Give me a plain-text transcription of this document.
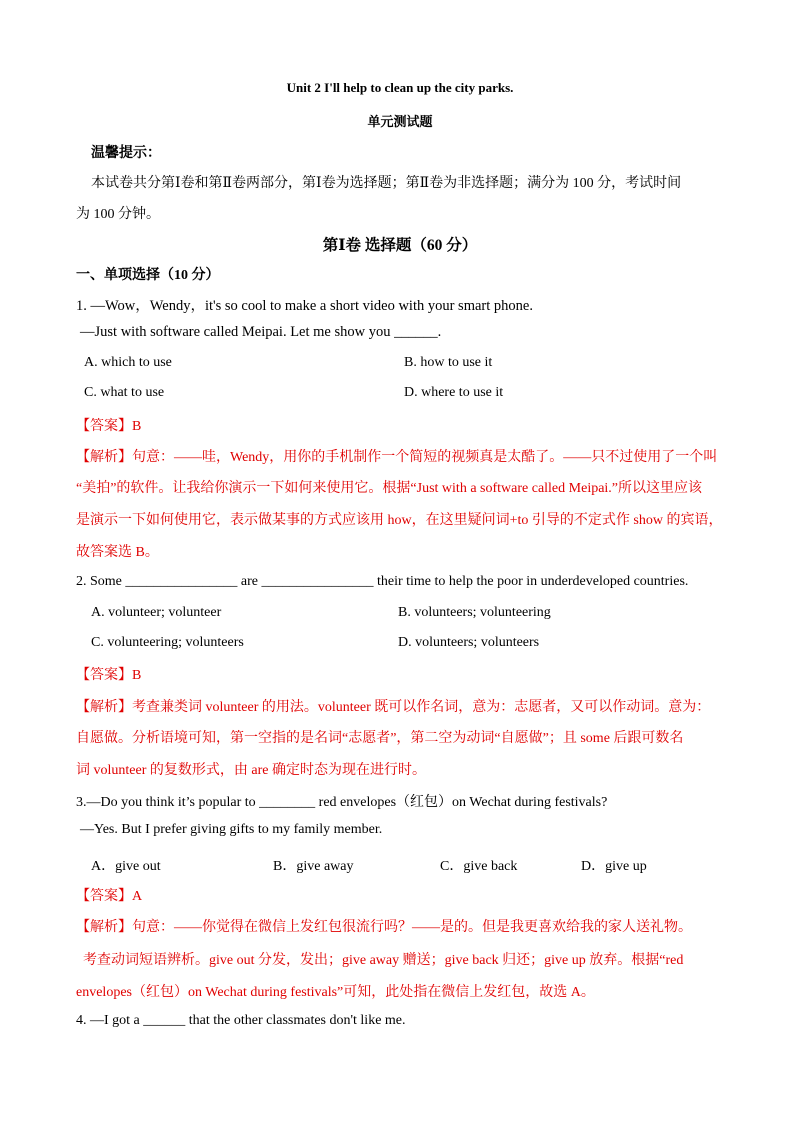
Unit 2 I'll help to clean up the city parks.
单元测试题
温馨提示：
本试卷共分第Ⅰ卷和第Ⅱ卷两部分，第Ⅰ卷为选择题；第Ⅱ卷为非选择题；满分为 100 分，考试时间
为 100 分钟。
第Ⅰ卷 选择题（60 分）
一、单项选择（10 分）
1. —Wow，Wendy，it's so cool to make a short video with your smart phone.
—Just with software called Meipai. Let me show you ______.
A. which to use	B. how to use it
C. what to use	D. where to use it
【答案】B
【解析】句意：——哇，Wendy，用你的手机制作一个简短的视频真是太酷了。——只不过使用了一个叫
“美拍”的软件。让我给你演示一下如何来使用它。根据“Just with a software called Meipai.”所以这里应该
是演示一下如何使用它，表示做某事的方式应该用 how，在这里疑问词+to 引导的不定式作 show 的宾语，
故答案选 B。
2. Some ________________ are ________________ their time to help the poor in underdeveloped countries.
A. volunteer; volunteer	B. volunteers; volunteering
C. volunteering; volunteers	D. volunteers; volunteers
【答案】B
【解析】考查兼类词 volunteer 的用法。volunteer 既可以作名词，意为：志愿者，又可以作动词。意为：
自愿做。分析语境可知，第一空指的是名词“志愿者”，第二空为动词“自愿做”；且 some 后跟可数名
词 volunteer 的复数形式，由 are 确定时态为现在进行时。
3.—Do you think it’s popular to ________ red envelopes（红包）on Wechat during festivals?
—Yes. But I prefer giving gifts to my family member.
A．give out	B．give away	C．give back	D．give up
【答案】A
【解析】句意：——你觉得在微信上发红包很流行吗？——是的。但是我更喜欢给我的家人送礼物。
考查动词短语辨析。give out 分发，发出；give away 赠送；give back 归还；give up 放弃。根据“red
envelopes（红包）on Wechat during festivals”可知，此处指在微信上发红包，故选 A。
4. —I got a ______ that the other classmates don't like me.
